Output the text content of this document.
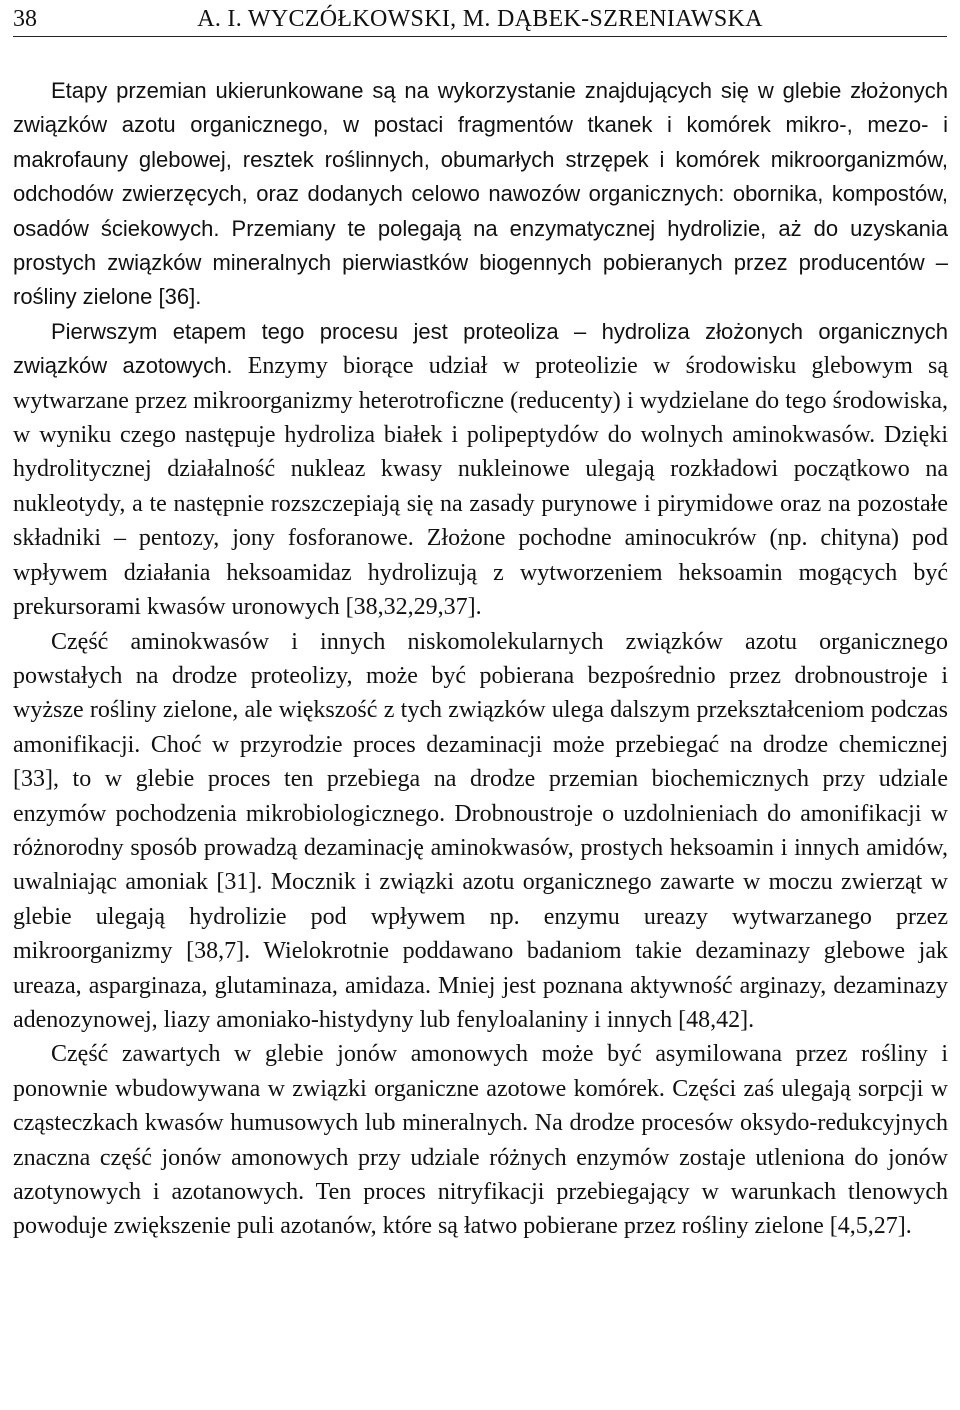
38	A. I. WYCZÓŁKOWSKI, M. DĄBEK-SZRENIAWSKA

Etapy przemian ukierunkowane są na wykorzystanie znajdujących się w glebie złożonych związków azotu organicznego, w postaci fragmentów tkanek i komórek mikro-, mezo- i makrofauny glebowej, resztek roślinnych, obumarłych strzępek i komórek mikroorganizmów, odchodów zwierzęcych, oraz dodanych celowo nawozów organicznych: obornika, kompostów, osadów ściekowych. Przemiany te polegają na enzymatycznej hydrolizie, aż do uzyskania prostych związków mineralnych pierwiastków biogennych pobieranych przez producentów – rośliny zielone [36].

Pierwszym etapem tego procesu jest proteoliza – hydroliza złożonych organicznych związków azotowych. Enzymy biorące udział w proteolizie w środowisku glebowym są wytwarzane przez mikroorganizmy heterotroficzne (reducenty) i wydzielane do tego środowiska, w wyniku czego następuje hydroliza białek i polipeptydów do wolnych aminokwasów. Dzięki hydrolitycznej działalność nukleaz kwasy nukleinowe ulegają rozkładowi początkowo na nukleotydy, a te następnie rozszczepiają się na zasady purynowe i pirymidowe oraz na pozostałe składniki – pentozy, jony fosforanowe. Złożone pochodne aminocukrów (np. chityna) pod wpływem działania heksoamidaz hydrolizują z wytworzeniem heksoamin mogących być prekursorami kwasów uronowych [38,32,29,37].

Część aminokwasów i innych niskomolekularnych związków azotu organicznego powstałych na drodze proteolizy, może być pobierana bezpośrednio przez drobnoustroje i wyższe rośliny zielone, ale większość z tych związków ulega dalszym przekształceniom podczas amonifikacji. Choć w przyrodzie proces dezaminacji może przebiegać na drodze chemicznej [33], to w glebie proces ten przebiega na drodze przemian biochemicznych przy udziale enzymów pochodzenia mikrobiologicznego. Drobnoustroje o uzdolnieniach do amonifikacji w różnorodny sposób prowadzą dezaminację aminokwasów, prostych heksoamin i innych amidów, uwalniając amoniak [31]. Mocznik i związki azotu organicznego zawarte w moczu zwierząt w glebie ulegają hydrolizie pod wpływem np. enzymu ureazy wytwarzanego przez mikroorganizmy [38,7]. Wielokrotnie poddawano badaniom takie dezaminazy glebowe jak ureaza, asparginaza, glutaminaza, amidaza. Mniej jest poznana aktywność arginazy, dezaminazy adenozynowej, liazy amoniako-histydyny lub fenyloalaniny i innych [48,42].

Część zawartych w glebie jonów amonowych może być asymilowana przez rośliny i ponownie wbudowywana w związki organiczne azotowe komórek. Części zaś ulegają sorpcji w cząsteczkach kwasów humusowych lub mineralnych. Na drodze procesów oksydo-redukcyjnych znaczna część jonów amonowych przy udziale różnych enzymów zostaje utleniona do jonów azotynowych i azotanowych. Ten proces nitryfikacji przebiegający w warunkach tlenowych powoduje zwiększenie puli azotanów, które są łatwo pobierane przez rośliny zielone [4,5,27].
